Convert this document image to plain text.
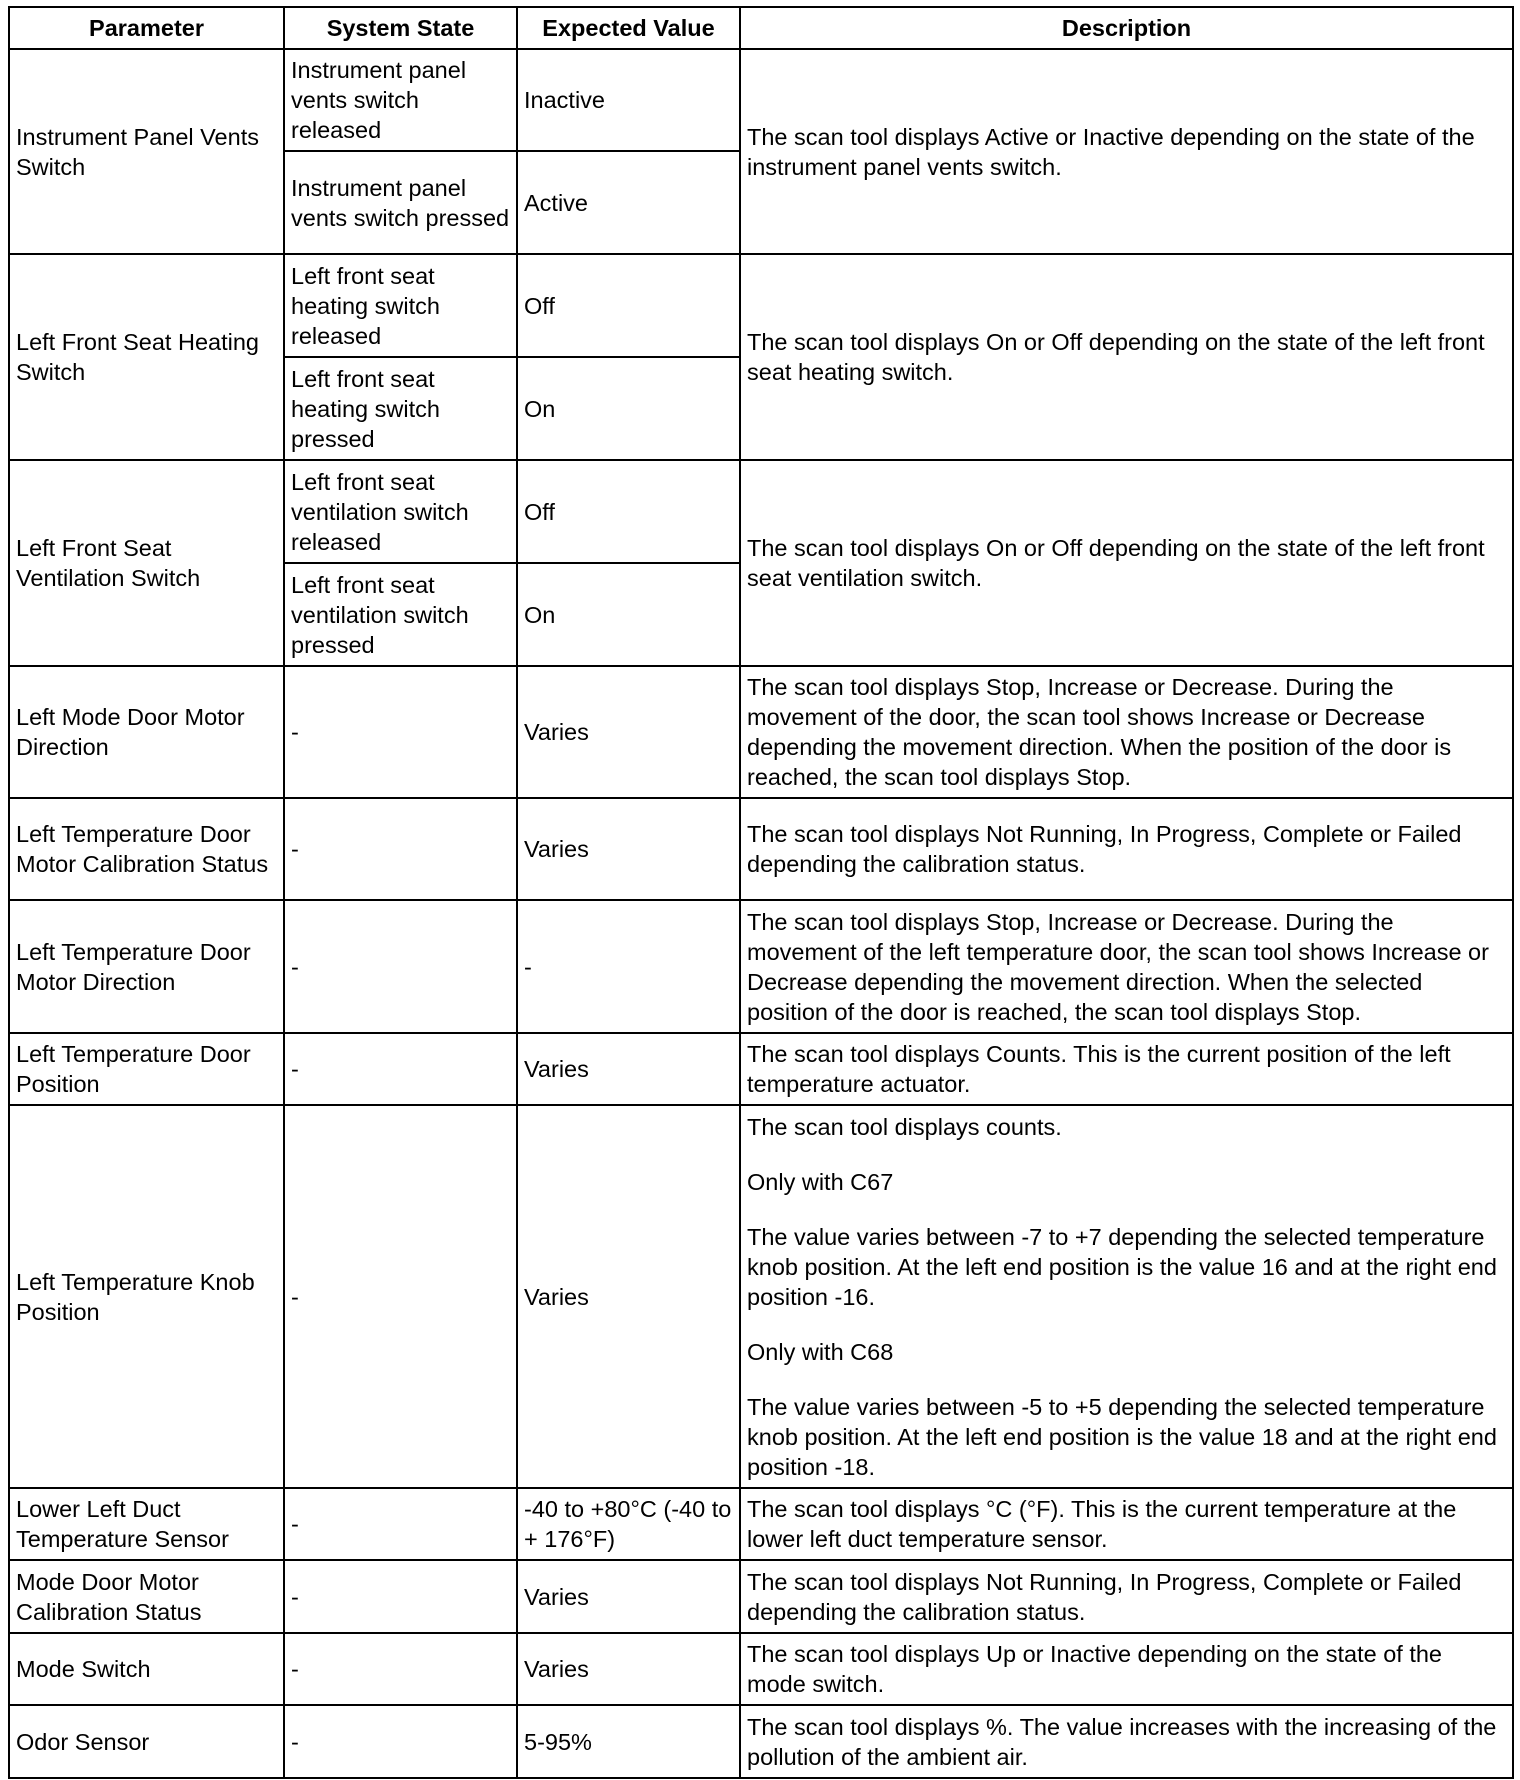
Parameter	System State	Expected Value	Description
Instrument Panel Vents Switch	Instrument panel vents switch released	Inactive	The scan tool displays Active or Inactive depending on the state of the instrument panel vents switch.

	Instrument panel vents switch pressed	Active	
Left Front Seat Heating Switch	Left front seat heating switch released	Off	The scan tool displays On or Off depending on the state of the left front seat heating switch.

	Left front seat heating switch pressed	On	
Left Front Seat Ventilation Switch	Left front seat ventilation switch released	Off	The scan tool displays On or Off depending on the state of the left front seat ventilation switch.

	Left front seat ventilation switch pressed	On	
Left Mode Door Motor Direction	-	Varies	The scan tool displays Stop, Increase or Decrease. During the movement of the door, the scan tool shows Increase or Decrease depending the movement direction. When the position of the door is reached, the scan tool displays Stop.

Left Temperature Door Motor Calibration Status	-	Varies	The scan tool displays Not Running, In Progress, Complete or Failed depending the calibration status.

Left Temperature Door Motor Direction	-	-	The scan tool displays Stop, Increase or Decrease. During the movement of the left temperature door, the scan tool shows Increase or Decrease depending the movement direction. When the selected position of the door is reached, the scan tool displays Stop.

Left Temperature Door Position	-	Varies	The scan tool displays Counts. This is the current position of the left temperature actuator.

Left Temperature Knob Position	-	Varies	The scan tool displays counts.

Only with C67

The value varies between -7 to +7 depending the selected temperature knob position. At the left end position is the value 16 and at the right end position -16.

Only with C68

The value varies between -5 to +5 depending the selected temperature knob position. At the left end position is the value 18 and at the right end position -18.

Lower Left Duct Temperature Sensor	-	-40 to +80°C (-40 to + 176°F)	The scan tool displays °C (°F). This is the current temperature at the lower left duct temperature sensor.

Mode Door Motor Calibration Status	-	Varies	The scan tool displays Not Running, In Progress, Complete or Failed depending the calibration status.

Mode Switch	-	Varies	The scan tool displays Up or Inactive depending on the state of the mode switch.

Odor Sensor	-	5-95%	The scan tool displays %. The value increases with the increasing of the pollution of the ambient air.
